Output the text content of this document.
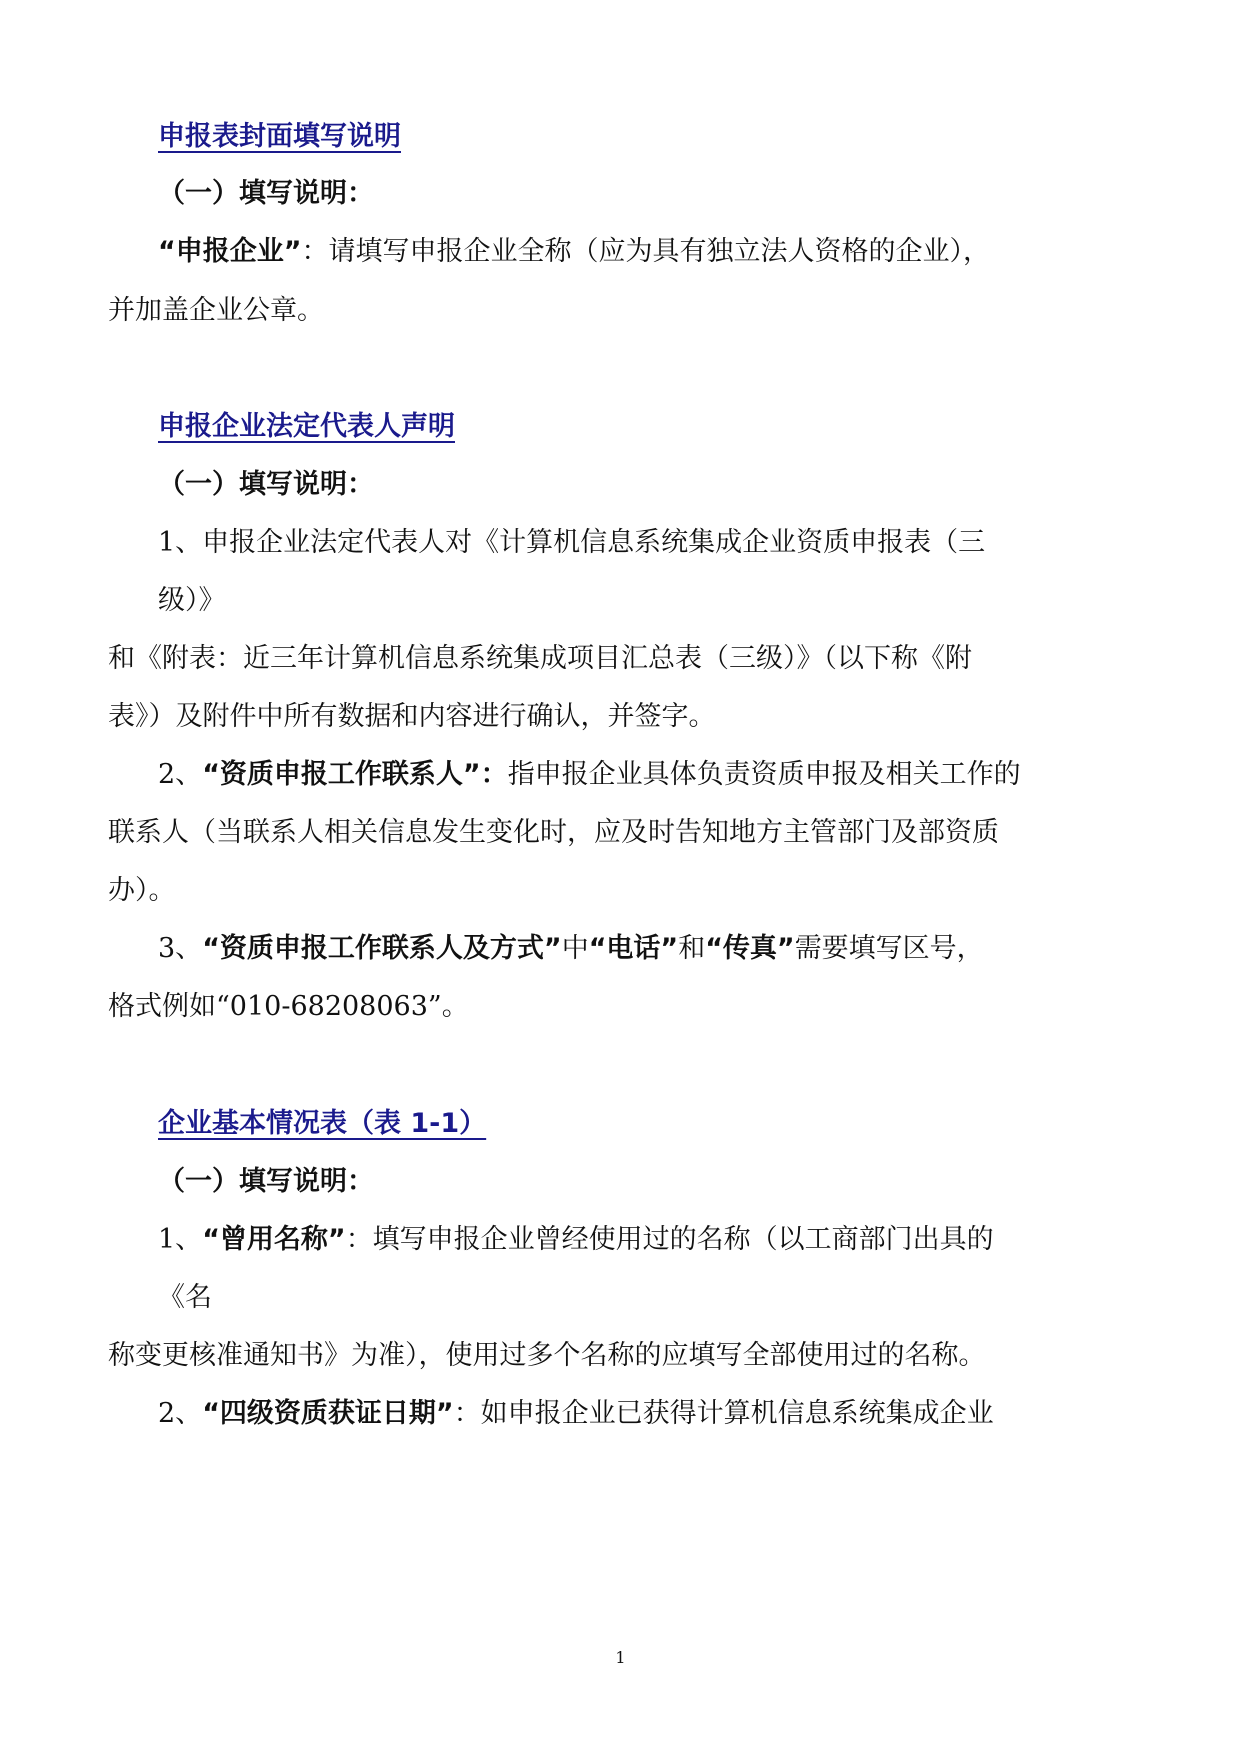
申报表封面填写说明
（一）填写说明：
“申报企业”：请填写申报企业全称（应为具有独立法人资格的企业），
并加盖企业公章。
申报企业法定代表人声明
（一）填写说明：
1、申报企业法定代表人对《计算机信息系统集成企业资质申报表（三
级）》
和《附表：近三年计算机信息系统集成项目汇总表（三级）》（以下称《附
表》）及附件中所有数据和内容进行确认，并签字。
2、“资质申报工作联系人”：指申报企业具体负责资质申报及相关工作的
联系人（当联系人相关信息发生变化时，应及时告知地方主管部门及部资质
办）。
3、“资质申报工作联系人及方式”中“电话”和“传真”需要填写区号，
格式例如“010-68208063”。
企业基本情况表（表 1-1）
（一）填写说明：
1、“曾用名称”：填写申报企业曾经使用过的名称（以工商部门出具的
《名
称变更核准通知书》为准），使用过多个名称的应填写全部使用过的名称。
2、“四级资质获证日期”：如申报企业已获得计算机信息系统集成企业
1
